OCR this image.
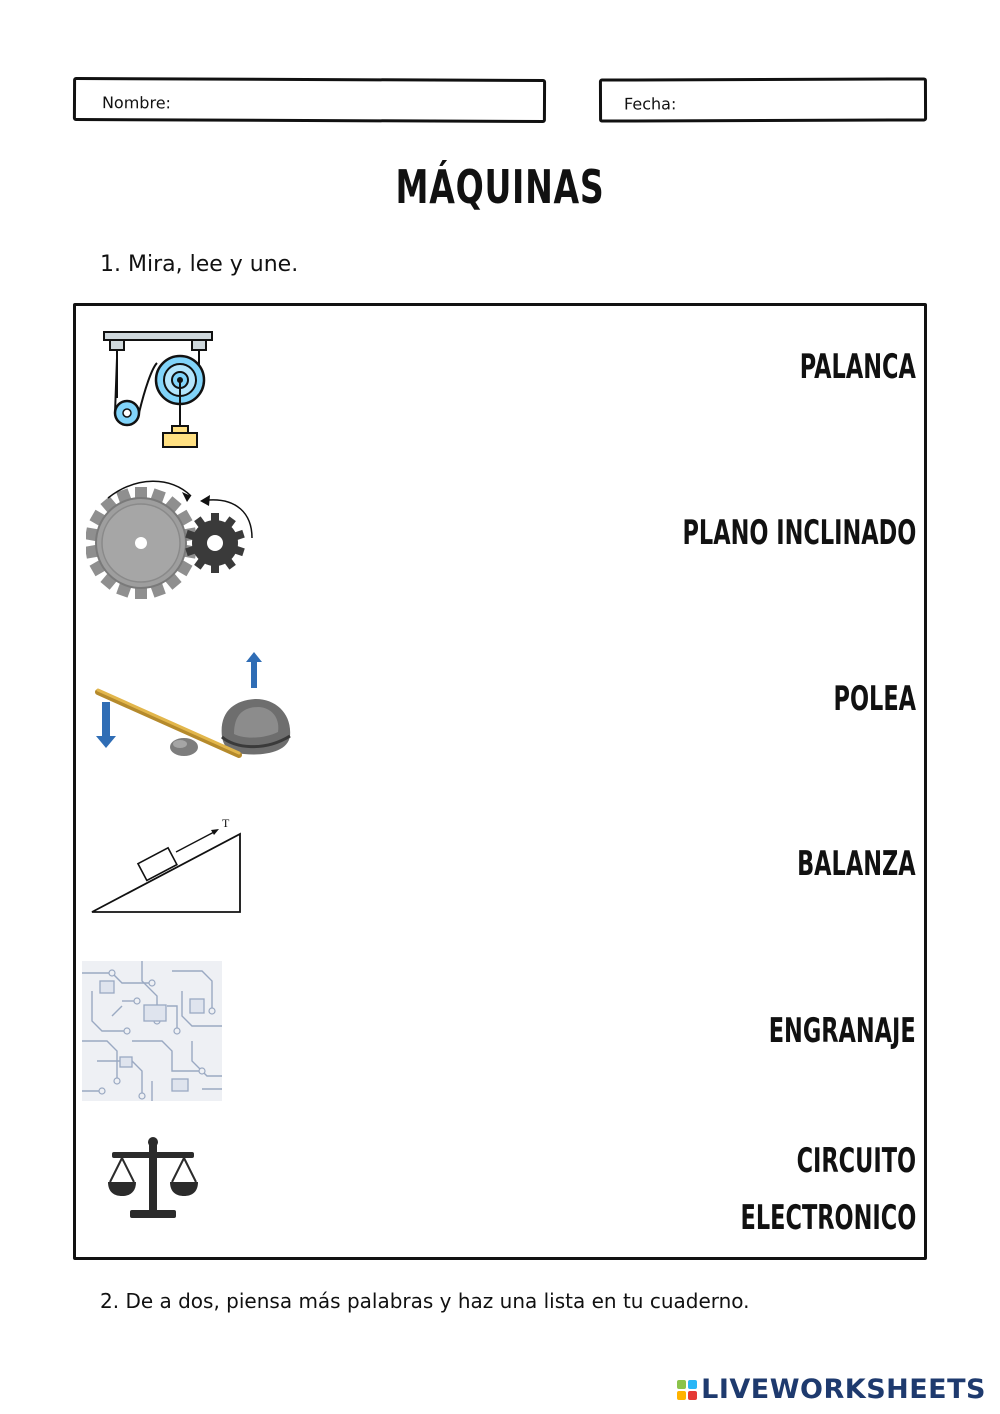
Nombre:	Fecha:
MÁQUINAS
1. Mira, lee y une.
T
PALANCA
PLANO INCLINADO
POLEA
BALANZA
ENGRANAJE
CIRCUITO
ELECTRONICO
2. De a dos, piensa más palabras y haz una lista en tu cuaderno.
LIVEWORKSHEETS
